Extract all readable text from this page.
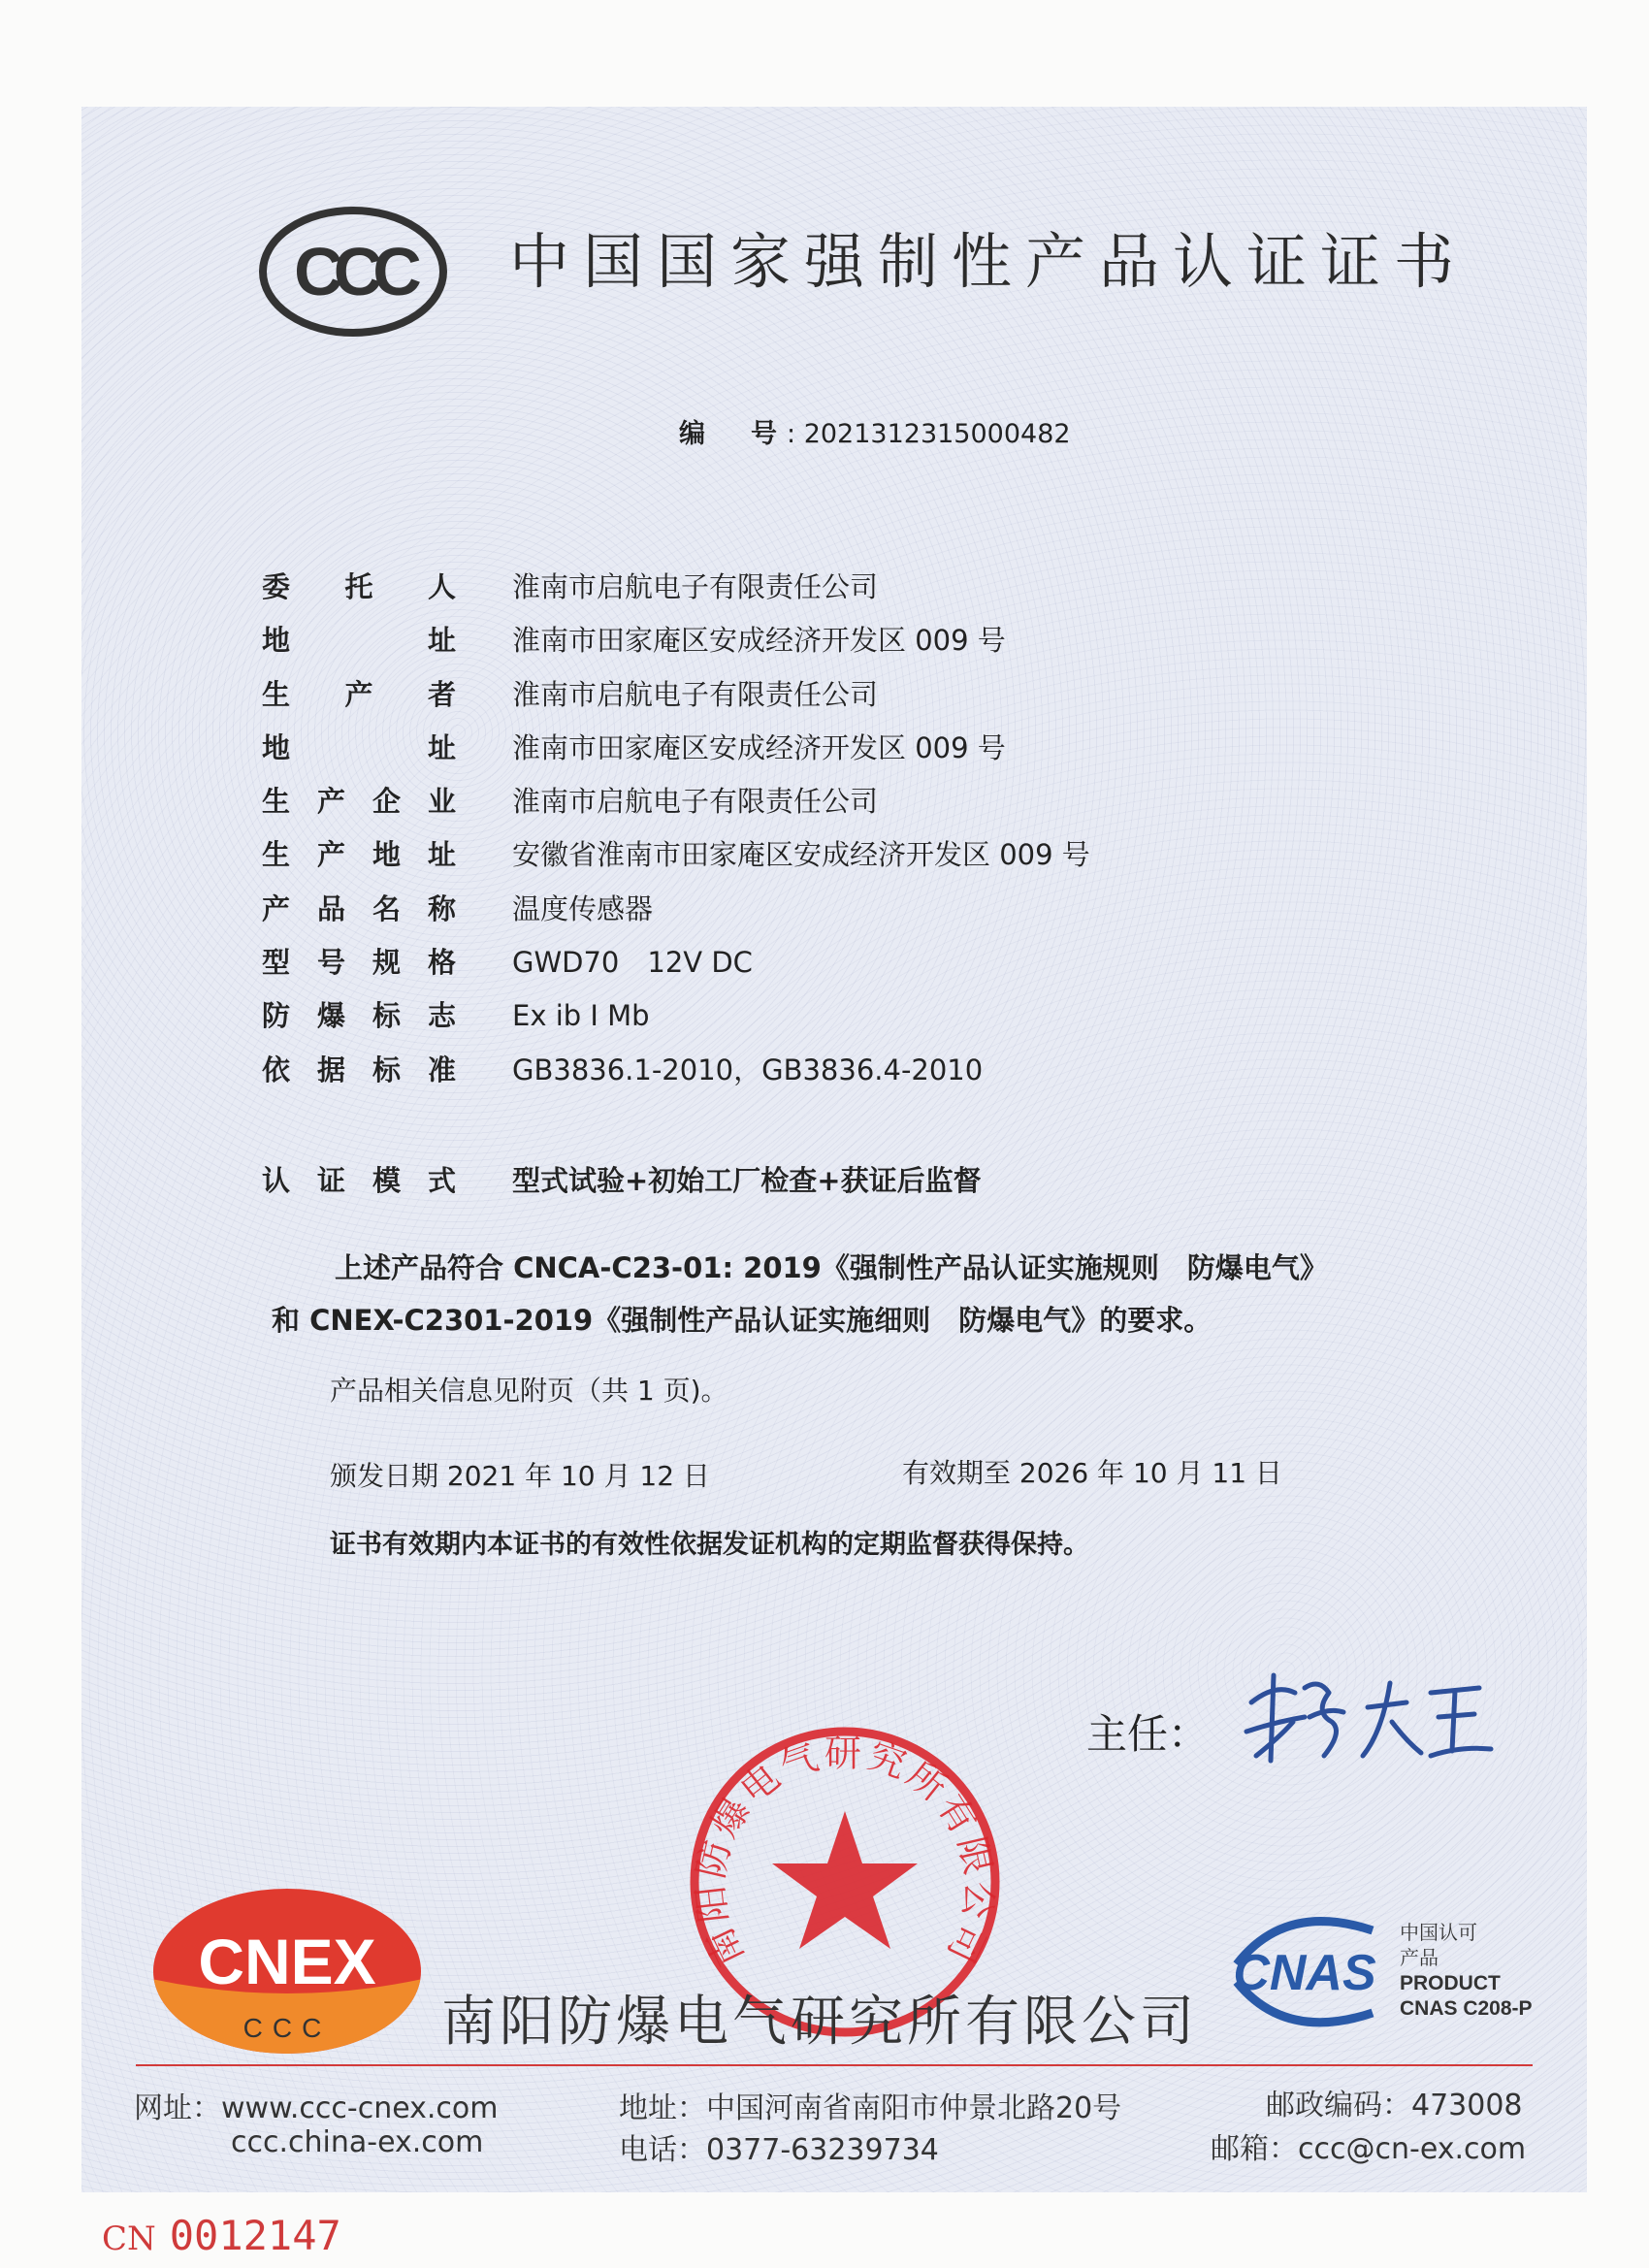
CCC 中国国家强制性产品认证证书
编　号: 2021312315000482
委托人 淮南市启航电子有限责任公司
地址 淮南市田家庵区安成经济开发区 009 号
生产者 淮南市启航电子有限责任公司
地址 淮南市田家庵区安成经济开发区 009 号
生产企业 淮南市启航电子有限责任公司
生产地址 安徽省淮南市田家庵区安成经济开发区 009 号
产品名称 温度传感器
型号规格 GWD70　12V DC
防爆标志 Ex ib Ⅰ Mb
依据标准 GB3836.1-2010，GB3836.4-2010
认证模式 型式试验+初始工厂检查+获证后监督
上述产品符合 CNCA-C23-01: 2019《强制性产品认证实施规则　防爆电气》
和 CNEX-C2301-2019《强制性产品认证实施细则　防爆电气》的要求。
产品相关信息见附页（共 1 页)。
颁发日期 2021 年 10 月 12 日	有效期至 2026 年 10 月 11 日
证书有效期内本证书的有效性依据发证机构的定期监督获得保持。
主任：
南阳防爆电气研究所有限公司
CNEX
CCC 南阳防爆电气研究所有限公司
CNAS
中国认可
产品
PRODUCT
CNAS C208-P
网址：www.ccc-cnex.com
ccc.china-ex.com
地址：中国河南省南阳市仲景北路20号
电话：0377-63239734
邮政编码：473008
邮箱：ccc@cn-ex.com
CN 0012147
